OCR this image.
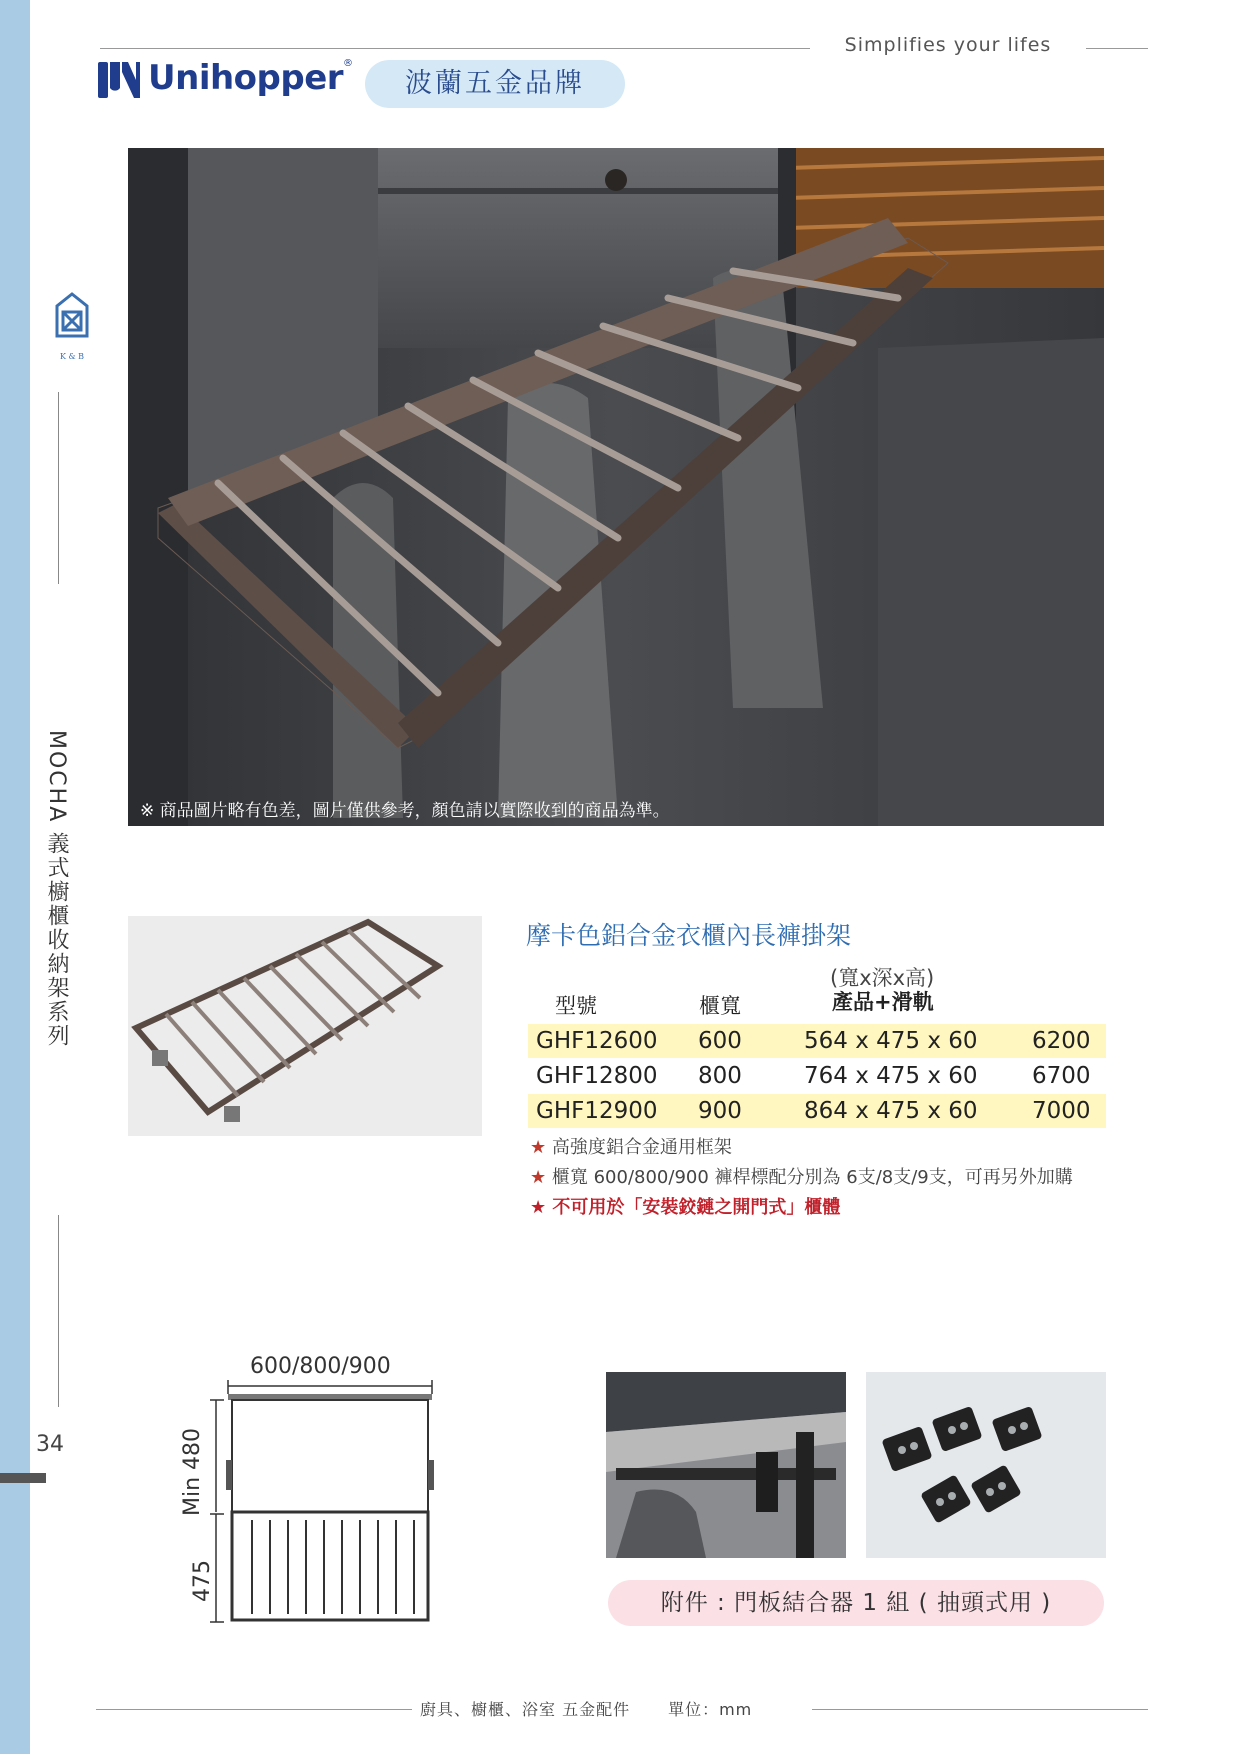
K & B
MOCHA 義式櫥櫃收納架系列
34
Simplifies your lifes
Unihopper®
波蘭五金品牌
※ 商品圖片略有色差，圖片僅供參考，顏色請以實際收到的商品為準。
摩卡色鋁合金衣櫃內長褲掛架
型號	櫃寬
(寬x深x高)
產品+滑軌
GHF12600 600	564 x 475 x 60 6200
GHF12800 800	764 x 475 x 60 6700
GHF12900 900	864 x 475 x 60 7000
★ 高強度鋁合金通用框架
★ 櫃寬 600/800/900 褲桿標配分別為 6支/8支/9支，可再另外加購
★ 不可用於「安裝鉸鏈之開門式」櫃體
600/800/900
Min 480
475
附件 : 門板結合器 1 組 ( 抽頭式用 )
廚具、櫥櫃、浴室 五金配件 單位：mm
